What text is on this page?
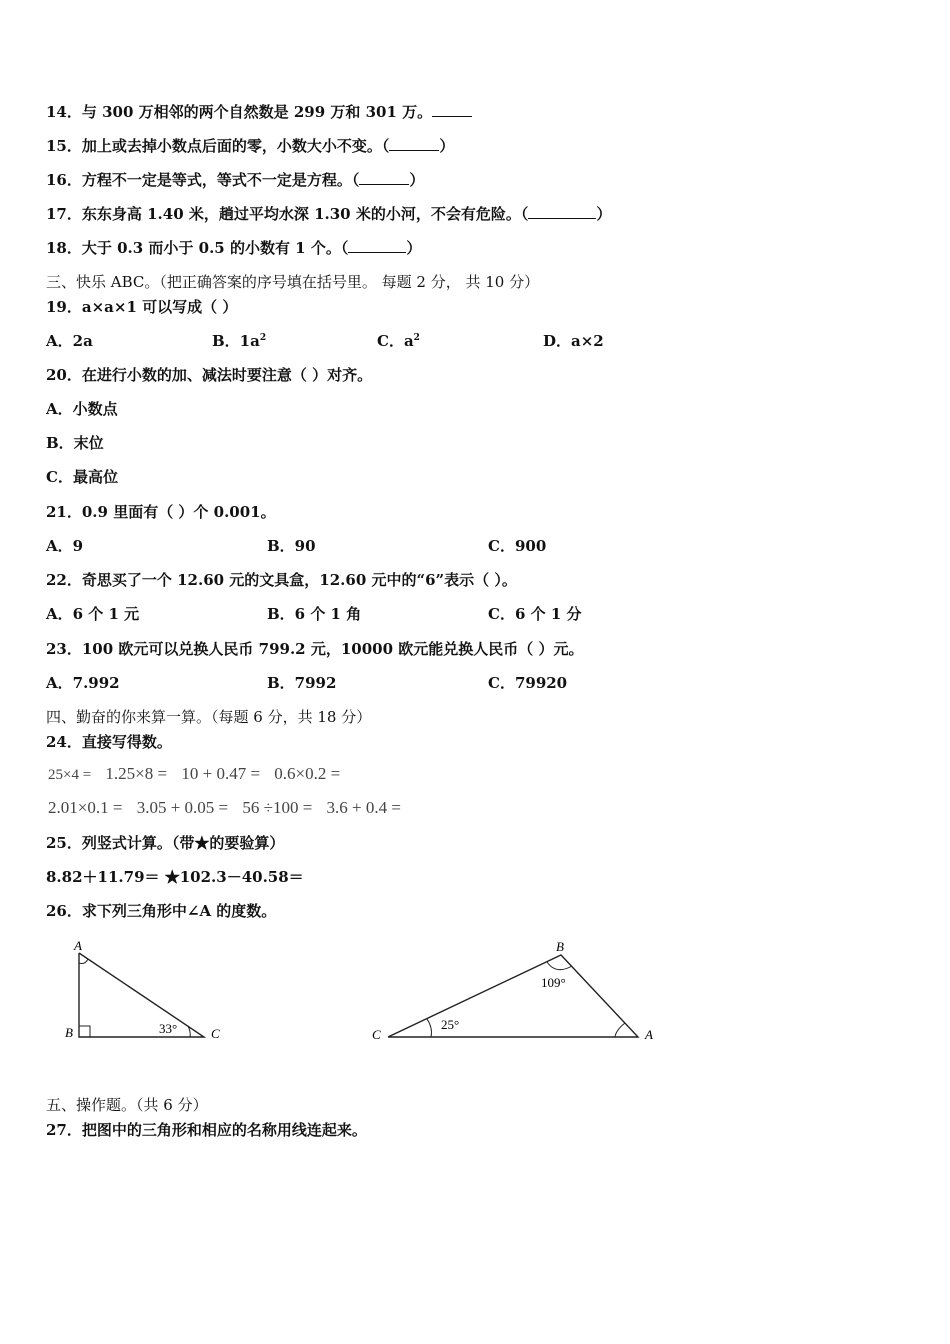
14．与 300 万相邻的两个自然数是 299 万和 301 万。
15．加上或去掉小数点后面的零，小数大小不变。（	）
16．方程不一定是等式，等式不一定是方程。（	）
17．东东身高 1.40 米，趟过平均水深 1.30 米的小河，不会有危险。（	）
18．大于 0.3 而小于 0.5 的小数有 1 个。（	）
三、快乐 ABC。（把正确答案的序号填在括号里。 每题 2 分， 共 10 分）
19．a×a×1 可以写成（ ）
A．2a	B．$1a^2$	C．$a^2$	D．a×2
20．在进行小数的加、减法时要注意（ ）对齐。
A．小数点
B．末位
C．最高位
21．0.9 里面有（ ）个 0.001。
A．9	B．90	C．900
22．奇思买了一个 12.60 元的文具盒，12.60 元中的“6”表示（ ）。
A．6 个 1 元	B．6 个 1 角	C．6 个 1 分
23．100 欧元可以兑换人民币 799.2 元，10000 欧元能兑换人民币（ ）元。
A．7.992	B．7992	C．79920
四、勤奋的你来算一算。（每题 6 分，共 18 分）
24．直接写得数。
25×4 = 1.25×8 = 10 + 0.47 = 0.6×0.2 =
2.01×0.1 = 3.05 + 0.05 = 56 ÷100 = 3.6 + 0.4 =
25．列竖式计算。（带★的要验算）
8.82＋11.79＝ ★102.3－40.58＝
26．求下列三角形中∠A 的度数。
A
B	C
33°
B
C	A
109°
25°
五、操作题。（共 6 分）
27．把图中的三角形和相应的名称用线连起来。
